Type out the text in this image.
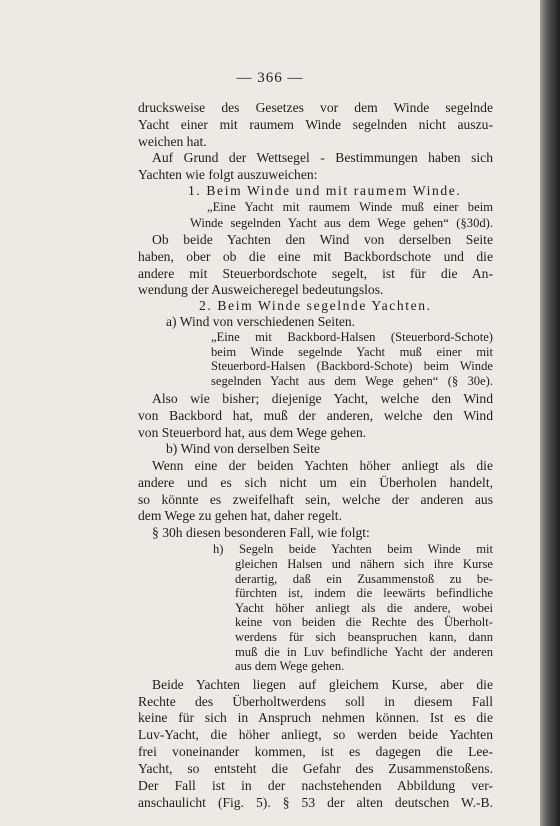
— 366 —
drucksweise des Gesetzes vor dem Winde segelnde
Yacht einer mit raumem Winde segelnden nicht auszu-
weichen hat.
Auf Grund der Wettsegel - Bestimmungen haben sich
Yachten wie folgt auszuweichen:
1. Beim Winde und mit raumem Winde.
„Eine Yacht mit raumem Winde muß einer beim
Winde segelnden Yacht aus dem Wege gehen“ (§30d).
Ob beide Yachten den Wind von derselben Seite
haben, ober ob die eine mit Backbordschote und die
andere mit Steuerbordschote segelt, ist für die An-
wendung der Ausweicheregel bedeutungslos.
2. Beim Winde segelnde Yachten.
a) Wind von verschiedenen Seiten.
„Eine mit Backbord-Halsen (Steuerbord-Schote)
beim Winde segelnde Yacht muß einer mit
Steuerbord-Halsen (Backbord-Schote) beim Winde
segelnden Yacht aus dem Wege gehen“ (§ 30e).
Also wie bisher; diejenige Yacht, welche den Wind
von Backbord hat, muß der anderen, welche den Wind
von Steuerbord hat, aus dem Wege gehen.
b) Wind von derselben Seite
Wenn eine der beiden Yachten höher anliegt als die
andere und es sich nicht um ein Überholen handelt,
so könnte es zweifelhaft sein, welche der anderen aus
dem Wege zu gehen hat, daher regelt.
§ 30h diesen besonderen Fall, wie folgt:
h) Segeln beide Yachten beim Winde mit
gleichen Halsen und nähern sich ihre Kurse
derartig, daß ein Zusammenstoß zu be-
fürchten ist, indem die leewärts befindliche
Yacht höher anliegt als die andere, wobei
keine von beiden die Rechte des Überholt-
werdens für sich beanspruchen kann, dann
muß die in Luv befindliche Yacht der anderen
aus dem Wege gehen.
Beide Yachten liegen auf gleichem Kurse, aber die
Rechte des Überholtwerdens soll in diesem Fall
keine für sich in Anspruch nehmen können. Ist es die
Luv-Yacht, die höher anliegt, so werden beide Yachten
frei voneinander kommen, ist es dagegen die Lee-
Yacht, so entsteht die Gefahr des Zusammenstoßens.
Der Fall ist in der nachstehenden Abbildung ver-
anschaulicht (Fig. 5). § 53 der alten deutschen W.-B.
